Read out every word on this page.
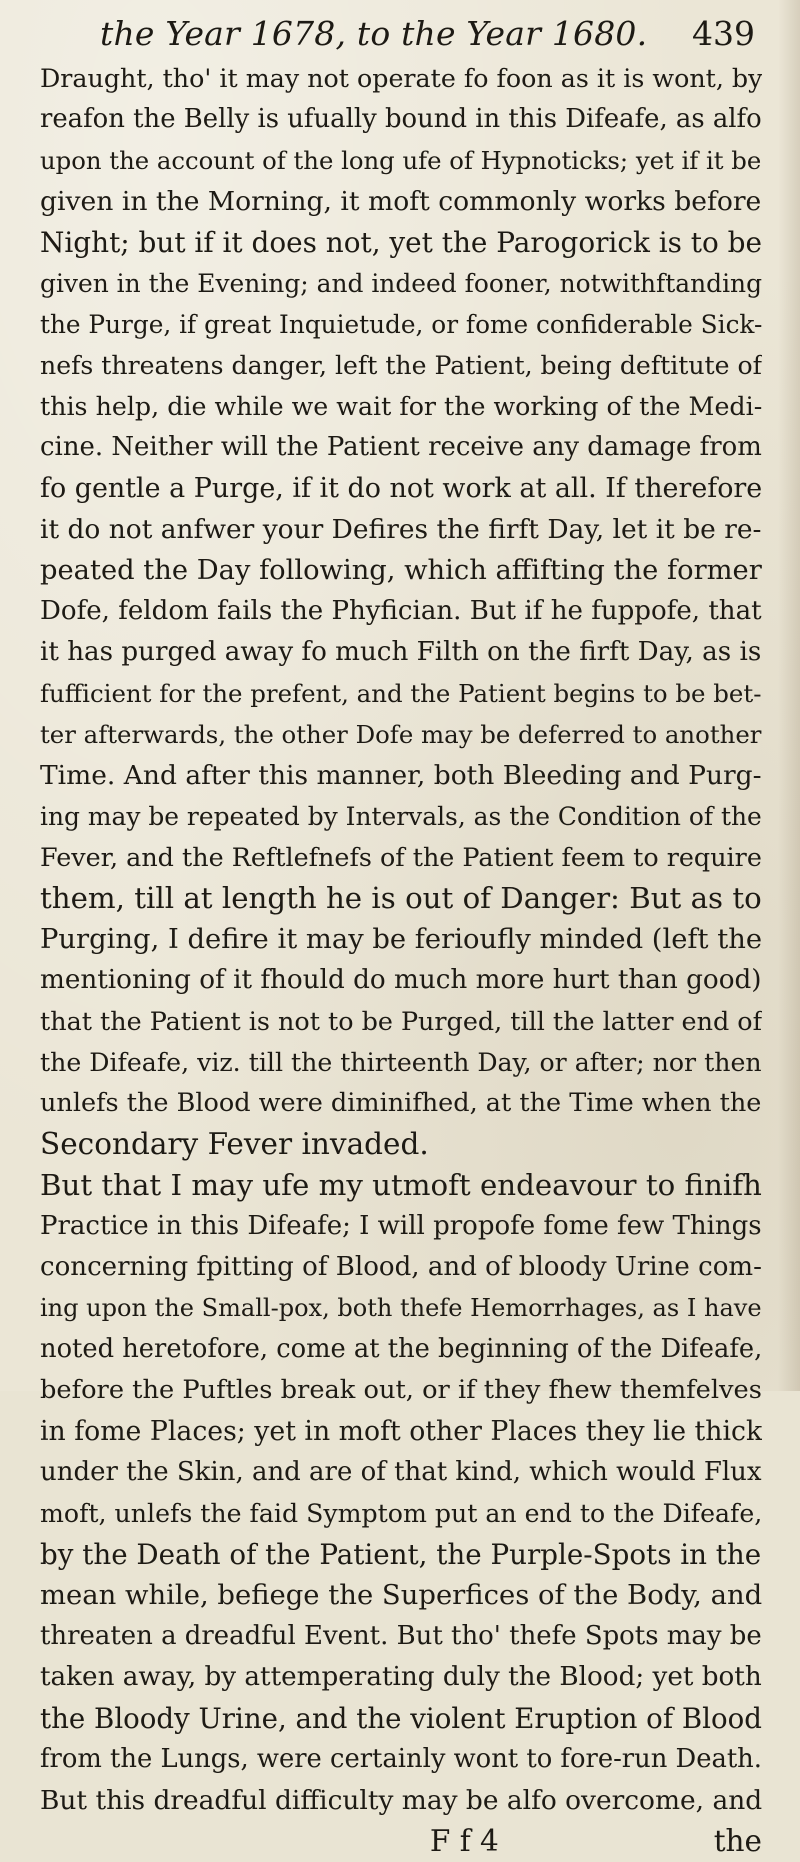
the Year 1678, to the Year 1680. 439
Draught, tho' it may not operate fo foon as it is wont, by
reafon the Belly is ufually bound in this Difeafe, as alfo
upon the account of the long ufe of Hypnoticks; yet if it be
given in the Morning, it moft commonly works before
Night; but if it does not, yet the Parogorick is to be
given in the Evening; and indeed fooner, notwithftanding
the Purge, if great Inquietude, or fome confiderable Sick-
nefs threatens danger, left the Patient, being deftitute of
this help, die while we wait for the working of the Medi-
cine. Neither will the Patient receive any damage from
fo gentle a Purge, if it do not work at all. If therefore
it do not anfwer your Defires the firft Day, let it be re-
peated the Day following, which affifting the former
Dofe, feldom fails the Phyfician. But if he fuppofe, that
it has purged away fo much Filth on the firft Day, as is
fufficient for the prefent, and the Patient begins to be bet-
ter afterwards, the other Dofe may be deferred to another
Time. And after this manner, both Bleeding and Purg-
ing may be repeated by Intervals, as the Condition of the
Fever, and the Reftlefnefs of the Patient feem to require
them, till at length he is out of Danger: But as to
Purging, I defire it may be ferioufly minded (left the
mentioning of it fhould do much more hurt than good)
that the Patient is not to be Purged, till the latter end of
the Difeafe, viz. till the thirteenth Day, or after; nor then
unlefs the Blood were diminifhed, at the Time when the
Secondary Fever invaded.
But that I may ufe my utmoft endeavour to finifh
Practice in this Difeafe; I will propofe fome few Things
concerning fpitting of Blood, and of bloody Urine com-
ing upon the Small-pox, both thefe Hemorrhages, as I have
noted heretofore, come at the beginning of the Difeafe,
before the Puftles break out, or if they fhew themfelves
in fome Places; yet in moft other Places they lie thick
under the Skin, and are of that kind, which would Flux
moft, unlefs the faid Symptom put an end to the Difeafe,
by the Death of the Patient, the Purple-Spots in the
mean while, befiege the Superfices of the Body, and
threaten a dreadful Event. But tho' thefe Spots may be
taken away, by attemperating duly the Blood; yet both
the Bloody Urine, and the violent Eruption of Blood
from the Lungs, were certainly wont to fore-run Death.
But this dreadful difficulty may be alfo overcome, and
F f 4	the
